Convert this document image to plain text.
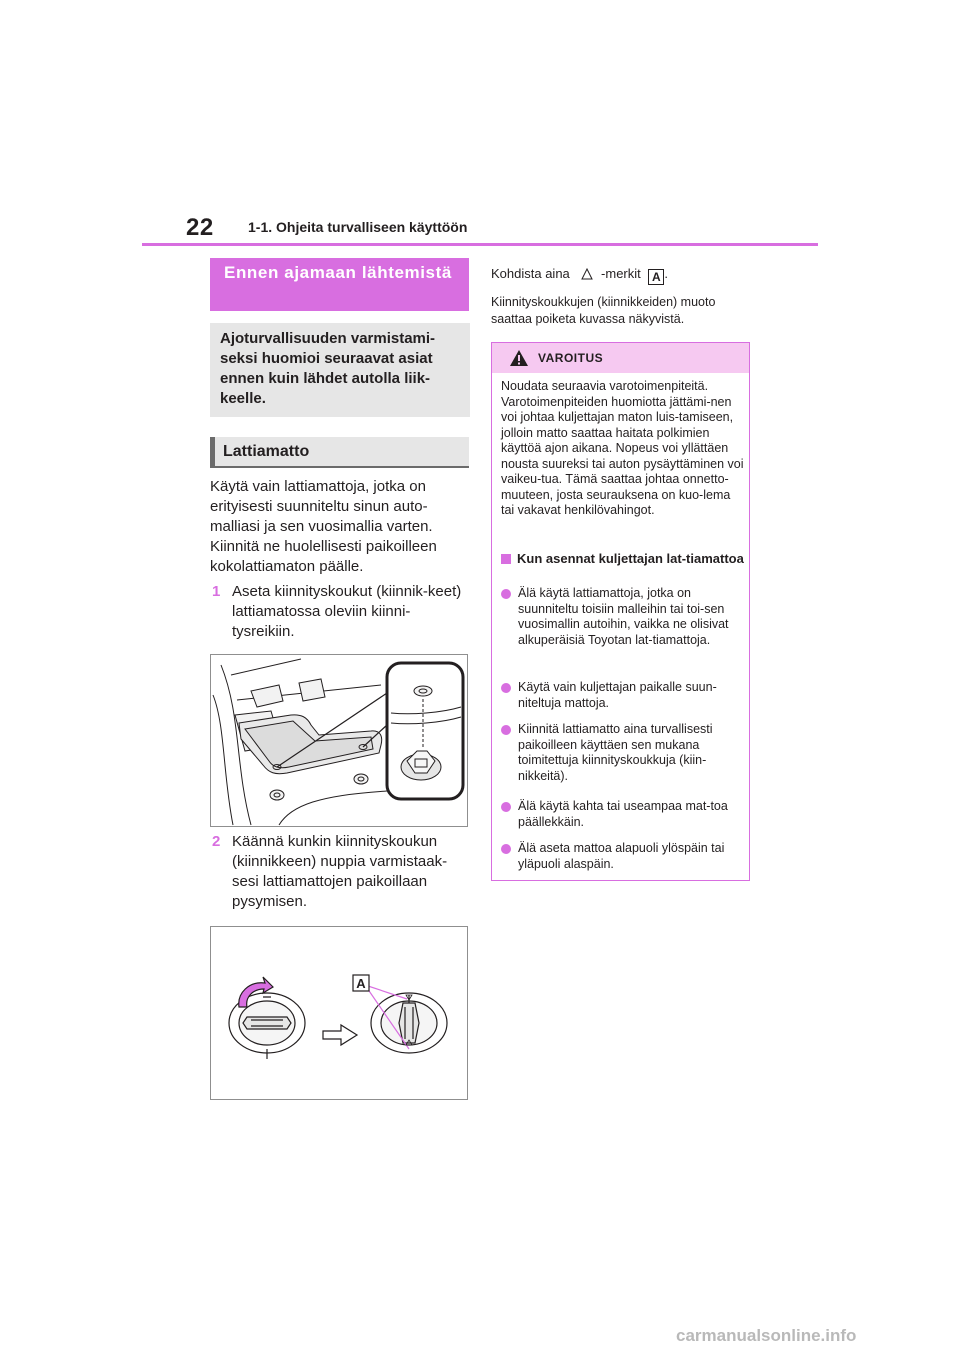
22 1-1. Ohjeita turvalliseen käyttöön
Ennen ajamaan lähtemistä
Ajoturvallisuuden varmistami-seksi huomioi seuraavat asiat ennen kuin lähdet autolla liik-keelle.
Lattiamatto
Käytä vain lattiamattoja, jotka on erityisesti suunniteltu sinun auto-malliasi ja sen vuosimallia varten. Kiinnitä ne huolellisesti paikoilleen kokolattiamaton päälle.
1 Aseta kiinnityskoukut (kiinnik-keet) lattiamatossa oleviin kiinni-tysreikiin.
2 Käännä kunkin kiinnityskoukun (kiinnikkeen) nuppia varmistaak-sesi lattiamattojen paikoillaan pysymisen.
A
Kohdista aina -merkit A .
Kiinnityskoukkujen (kiinnikkeiden) muoto saattaa poiketa kuvassa näkyvistä.
VAROITUS
Noudata seuraavia varotoimenpiteitä. Varotoimenpiteiden huomiotta jättämi-nen voi johtaa kuljettajan maton luis-tamiseen, jolloin matto saattaa haitata polkimien käyttöä ajon aikana. Nopeus voi yllättäen nousta suureksi tai auton pysäyttäminen voi vaikeu-tua. Tämä saattaa johtaa onnetto-muuteen, josta seurauksena on kuo-lema tai vakavat henkilövahingot.
Kun asennat kuljettajan lat-tiamattoa
Älä käytä lattiamattoja, jotka on suunniteltu toisiin malleihin tai toi-sen vuosimallin autoihin, vaikka ne olisivat alkuperäisiä Toyotan lat-tiamattoja.
Käytä vain kuljettajan paikalle suun-niteltuja mattoja.
Kiinnitä lattiamatto aina turvallisesti paikoilleen käyttäen sen mukana toimitettuja kiinnityskoukkuja (kiin-nikkeitä).
Älä käytä kahta tai useampaa mat-toa päällekkäin.
Älä aseta mattoa alapuoli ylöspäin tai yläpuoli alaspäin.
carmanualsonline.info
